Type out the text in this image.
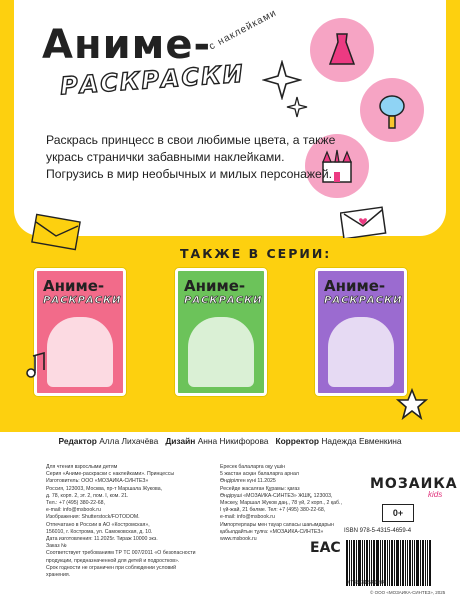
Аниме-
РАСКРАСКИ
с наклейками
Раскрась принцесс в свои любимые цвета, а также укрась странички забавными наклейками. Погрузись в мир необычных и милых персонажей.
ТАКЖЕ В СЕРИИ:
Аниме-
РАСКРАСКИ
Аниме-
РАСКРАСКИ
Аниме-
РАСКРАСКИ
Редактор Алла Лихачёва Дизайн Анна Никифорова Корректор Надежда Евменкина
Для чтения взрослыми детям
Серия «Аниме-раскраски с наклейками». Принцессы
Изготовитель: ООО «МОЗАИКА-СИНТЕЗ»
Россия, 123003, Москва, пр-т Маршала Жукова,
д. 78, корп. 2, эт. 2, пом. I, ком. 21.
Тел.: +7 (495) 380-22-68,
e-mail: info@msbook.ru
Изображения: Shutterstock/FOTODOM.
Отпечатано в России в АО «Костромская»,
156010, г. Кострома, ул. Самоковская, д. 10.
Дата изготовления: 11.2025г. Тираж 10000 экз.
Заказ №
Соответствует требованиям ТР ТС 007/2011 «О безопасности
продукции, предназначенной для детей и подростков».
Срок годности не ограничен при соблюдении условий хранения.
Ересек балаларға оқу үшін
5 жастан асқан балаларға арнал
Өндірілген күні 11.2025
Ресейде жасалған Құрамы: қағаз
Өндіруші «МОЗАИКА-СИНТЕЗ» ЖШҚ, 123003,
Мәскеу, Маршал Жуков даң., 78 үй, 2 корп., 2 қаб.,
I үй-жай, 21 бөлме. Тел: +7 (495) 380-22-68,
e-mail: info@msbook.ru
Импортерлары мен тауар сапасы шағымдарын
қабылдайтын тұлға: «МОЗАИКА-СИНТЕЗ»
www.msbook.ru
МОЗАИКА
kids
0+
ISBN 978-5-4315-4659-4
EAC
9 785431 546594
© ООО «МОЗАИКА-СИНТЕЗ», 2025
